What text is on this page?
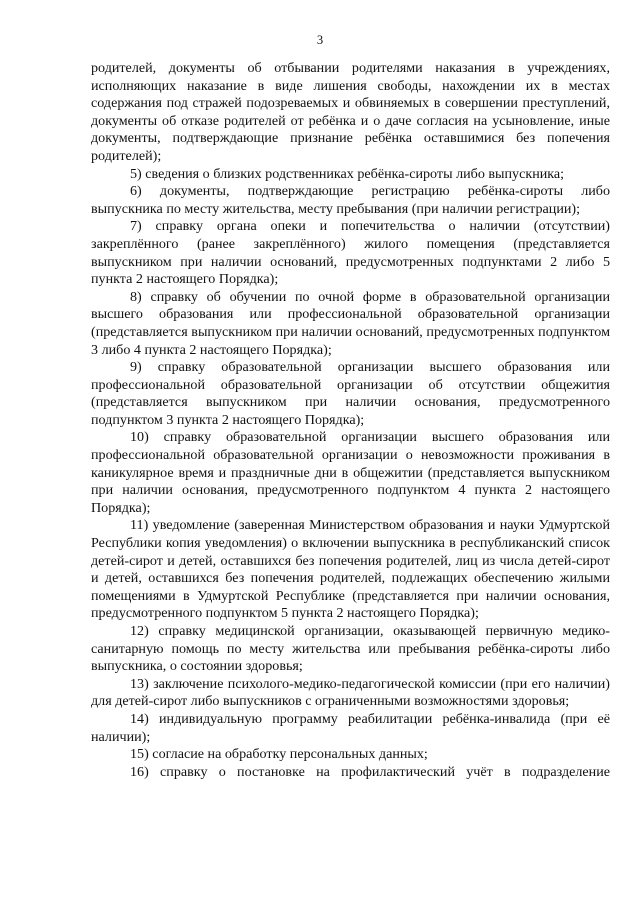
3

родителей, документы об отбывании родителями наказания в учреждениях, исполняющих наказание в виде лишения свободы, нахождении их в местах содержания под стражей подозреваемых и обвиняемых в совершении преступлений, документы об отказе родителей от ребёнка и о даче согласия на усыновление, иные документы, подтверждающие признание ребёнка оставшимися без попечения родителей);

5) сведения о близких родственниках ребёнка-сироты либо выпускника;

6) документы, подтверждающие регистрацию ребёнка-сироты либо выпускника по месту жительства, месту пребывания (при наличии регистрации);

7) справку органа опеки и попечительства о наличии (отсутствии) закреплённого (ранее закреплённого) жилого помещения (представляется выпускником при наличии оснований, предусмотренных подпунктами 2 либо 5 пункта 2 настоящего Порядка);

8) справку об обучении по очной форме в образовательной организации высшего образования или профессиональной образовательной организации (представляется выпускником при наличии оснований, предусмотренных подпунктом 3 либо 4 пункта 2 настоящего Порядка);

9) справку образовательной организации высшего образования или профессиональной образовательной организации об отсутствии общежития (представляется выпускником при наличии основания, предусмотренного подпунктом 3 пункта 2 настоящего Порядка);

10) справку образовательной организации высшего образования или профессиональной образовательной организации о невозможности проживания в каникулярное время и праздничные дни в общежитии (представляется выпускником при наличии основания, предусмотренного подпунктом 4 пункта 2 настоящего Порядка);

11) уведомление (заверенная Министерством образования и науки Удмуртской Республики копия уведомления) о включении выпускника в республиканский список детей-сирот и детей, оставшихся без попечения родителей, лиц из числа детей-сирот и детей, оставшихся без попечения родителей, подлежащих обеспечению жилыми помещениями в Удмуртской Республике (представляется при наличии основания, предусмотренного подпунктом 5 пункта 2 настоящего Порядка);

12) справку медицинской организации, оказывающей первичную медико-санитарную помощь по месту жительства или пребывания ребёнка-сироты либо выпускника, о состоянии здоровья;

13) заключение психолого-медико-педагогической комиссии (при его наличии) для детей-сирот либо выпускников с ограниченными возможностями здоровья;

14) индивидуальную программу реабилитации ребёнка-инвалида (при её наличии);

15) согласие на обработку персональных данных;

16) справку о постановке на профилактический учёт в подразделение
